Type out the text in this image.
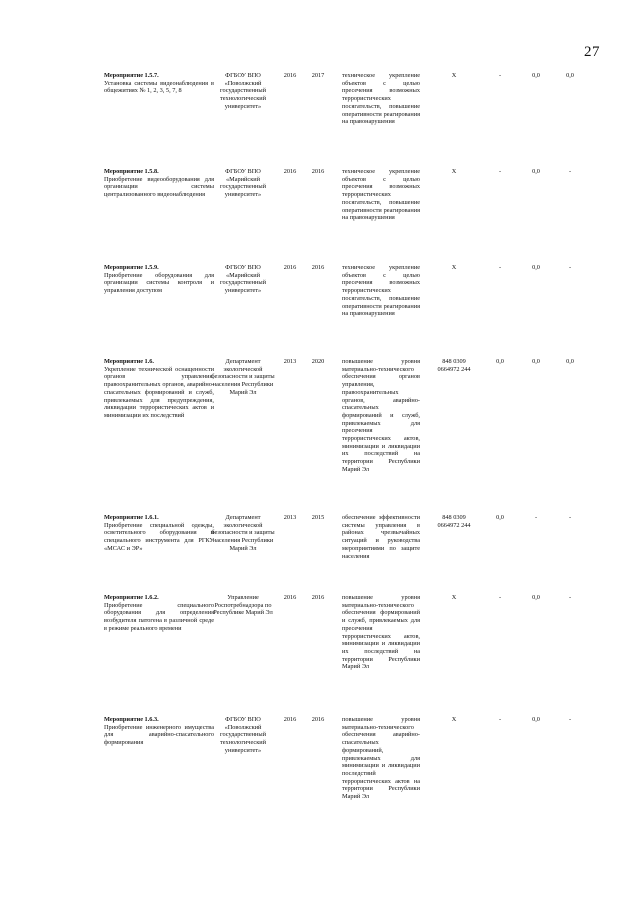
27
Мероприятие 1.5.7.
Установка системы видеонаблюдения в общежитиях № 1, 2, 3, 5, 7, 8
ФГБОУ ВПО «Поволжский государственный технологический университет»
2016	2017	техническое укрепление объектов с целью пресечения возможных террористических посягательств, повышение оперативности реагирования на правонарушения
Х	-	0,0	0,0
Мероприятие 1.5.8.
Приобретение видеооборудования для организации системы централизованного видеонаблюдения
ФГБОУ ВПО «Марийский государственный университет»
2016	2016	техническое укрепление объектов с целью пресечения возможных террористических посягательств, повышение оперативности реагирования на правонарушения
Х	-	0,0	-
Мероприятие 1.5.9.
Приобретение оборудования для организации системы контроля и управления доступом
ФГБОУ ВПО «Марийский государственный университет»
2016	2016	техническое укрепление объектов с целью пресечения возможных террористических посягательств, повышение оперативности реагирования на правонарушения
Х	-	0,0	-
Мероприятие 1.6.
Укрепление технической оснащенности органов управления, правоохранительных органов, аварийно-спасательных формирований и служб, привлекаемых для предупреждения, ликвидации террористических актов и минимизации их последствий
Департамент экологической безопасности и защиты населения Республики Марий Эл
2013	2020	повышение уровня материально-технического обеспечения органов управления, правоохранительных органов, аварийно-спасательных формирований и служб, привлекаемых для пресечения террористических актов, минимизации и ликвидации их последствий на территории Республики Марий Эл
848 0309 0664972 244
0,0	0,0	0,0
Мероприятие 1.6.1.
Приобретение специальной одежды, осветительного оборудования и специального инструмента для РГКУ «МСАС и ЭР»
Департамент экологической безопасности и защиты населения Республики Марий Эл
2013	2015	обеспечение эффективности системы управления в районах чрезвычайных ситуаций и руководства мероприятиями по защите населения
848 0309 0664972 244
0,0	-	-
Мероприятие 1.6.2.
Приобретение специального оборудования для определения возбудителя патогена в различной среде в режиме реального времени
Управление Роспотребнадзора по Республике Марий Эл
2016	2016	повышение уровня материально-технического обеспечения формирований и служб, привлекаемых для пресечения террористических актов, минимизации и ликвидации их последствий на территории Республики Марий Эл
Х	-	0,0	-
Мероприятие 1.6.3.
Приобретение инженерного имущества для аварийно-спасательного формирования
ФГБОУ ВПО «Поволжский государственный технологический университет»
2016	2016	повышение уровня материально-технического обеспечения аварийно-спасательных формирований, привлекаемых для минимизации и ликвидации последствий террористических актов на территории Республики Марий Эл
Х	-	0,0	-
